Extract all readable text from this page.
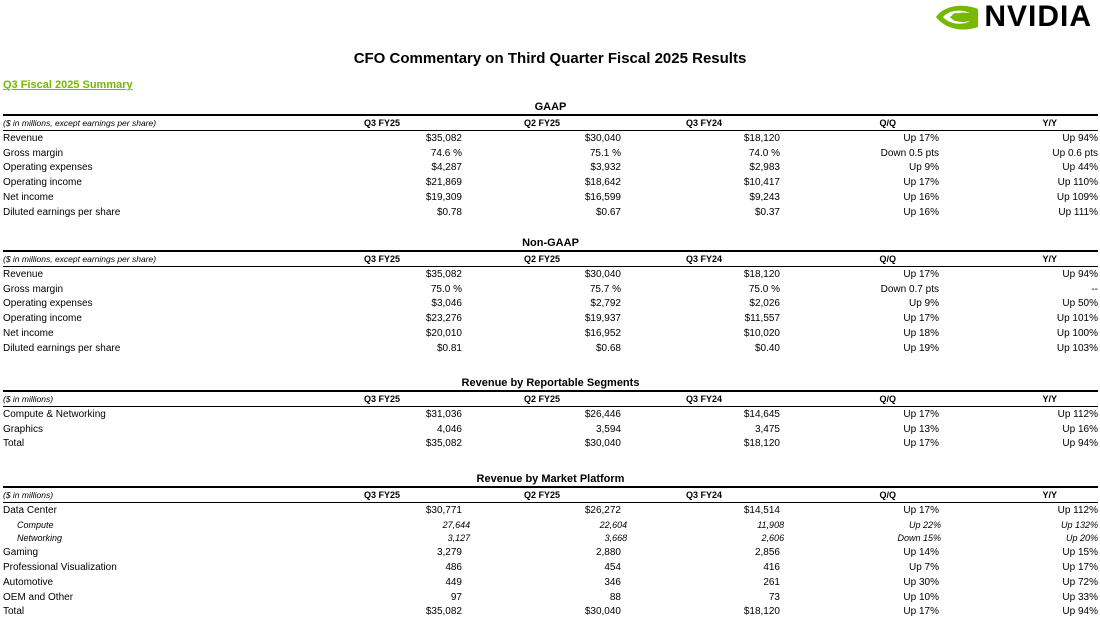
NVIDIA
CFO Commentary on Third Quarter Fiscal 2025 Results
Q3 Fiscal 2025 Summary
GAAP
($ in millions, except earnings per share)	Q3 FY25	Q2 FY25	Q3 FY24	Q/Q	Y/Y
Revenue	$35,082	$30,040	$18,120	Up 17%	Up 94%
Gross margin	74.6 %	75.1 %	74.0 %	Down 0.5 pts	Up 0.6 pts
Operating expenses	$4,287	$3,932	$2,983	Up 9%	Up 44%
Operating income	$21,869	$18,642	$10,417	Up 17%	Up 110%
Net income	$19,309	$16,599	$9,243	Up 16%	Up 109%
Diluted earnings per share	$0.78	$0.67	$0.37	Up 16%	Up 111%
Non-GAAP
($ in millions, except earnings per share)	Q3 FY25	Q2 FY25	Q3 FY24	Q/Q	Y/Y
Revenue	$35,082	$30,040	$18,120	Up 17%	Up 94%
Gross margin	75.0 %	75.7 %	75.0 %	Down 0.7 pts	--
Operating expenses	$3,046	$2,792	$2,026	Up 9%	Up 50%
Operating income	$23,276	$19,937	$11,557	Up 17%	Up 101%
Net income	$20,010	$16,952	$10,020	Up 18%	Up 100%
Diluted earnings per share	$0.81	$0.68	$0.40	Up 19%	Up 103%
Revenue by Reportable Segments
($ in millions)	Q3 FY25	Q2 FY25	Q3 FY24	Q/Q	Y/Y
Compute & Networking	$31,036	$26,446	$14,645	Up 17%	Up 112%
Graphics	4,046	3,594	3,475	Up 13%	Up 16%
Total	$35,082	$30,040	$18,120	Up 17%	Up 94%
Revenue by Market Platform
($ in millions)	Q3 FY25	Q2 FY25	Q3 FY24	Q/Q	Y/Y
Data Center	$30,771	$26,272	$14,514	Up 17%	Up 112%
Compute	27,644	22,604	11,908	Up 22%	Up 132%
Networking	3,127	3,668	2,606	Down 15%	Up 20%
Gaming	3,279	2,880	2,856	Up 14%	Up 15%
Professional Visualization	486	454	416	Up 7%	Up 17%
Automotive	449	346	261	Up 30%	Up 72%
OEM and Other	97	88	73	Up 10%	Up 33%
Total	$35,082	$30,040	$18,120	Up 17%	Up 94%
